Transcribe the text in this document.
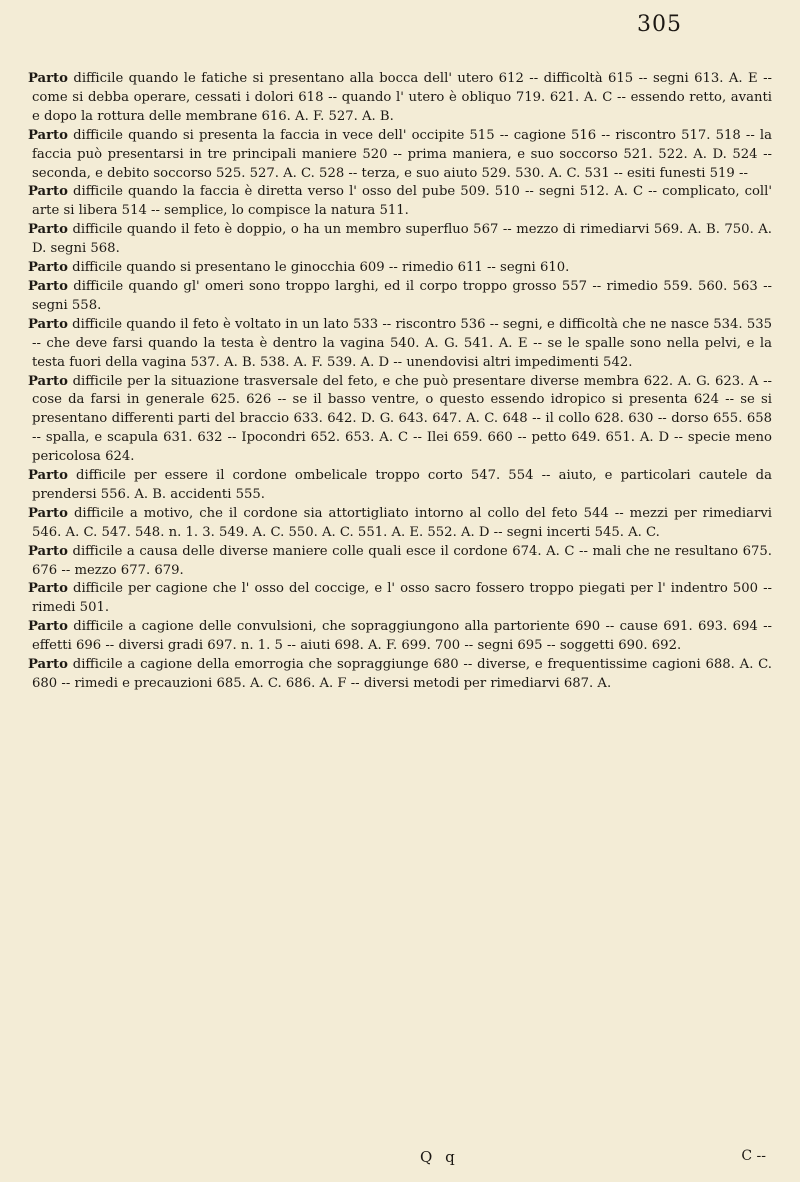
305

Parto difficile quando le fatiche si presentano alla bocca dell' utero 612 -- difficoltà 615 -- segni 613. A. E -- come si debba operare, cessati i dolori 618 -- quando l' utero è obliquo 719. 621. A. C -- essendo retto, avanti e dopo la rottura delle membrane 616. A. F. 527. A. B.

Parto difficile quando si presenta la faccia in vece dell' occipite 515 -- cagione 516 -- riscontro 517. 518 -- la faccia può presentarsi in tre principali maniere 520 -- prima maniera, e suo soccorso 521. 522. A. D. 524 -- seconda, e debito soccorso 525. 527. A. C. 528 -- terza, e suo aiuto 529. 530. A. C. 531 -- esiti funesti 519 --

Parto difficile quando la faccia è diretta verso l' osso del pube 509. 510 -- segni 512. A. C -- complicato, coll' arte si libera 514 -- semplice, lo compisce la natura 511.

Parto difficile quando il feto è doppio, o ha un membro superfluo 567 -- mezzo di rimediarvi 569. A. B. 750. A. D. segni 568.

Parto difficile quando si presentano le ginocchia 609 -- rimedio 611 -- segni 610.

Parto difficile quando gl' omeri sono troppo larghi, ed il corpo troppo grosso 557 -- rimedio 559. 560. 563 -- segni 558.

Parto difficile quando il feto è voltato in un lato 533 -- riscontro 536 -- segni, e difficoltà che ne nasce 534. 535 -- che deve farsi quando la testa è dentro la vagina 540. A. G. 541. A. E -- se le spalle sono nella pelvi, e la testa fuori della vagina 537. A. B. 538. A. F. 539. A. D -- unendovisi altri impedimenti 542.

Parto difficile per la situazione trasversale del feto, e che può presentare diverse membra 622. A. G. 623. A -- cose da farsi in generale 625. 626 -- se il basso ventre, o questo essendo idropico si presenta 624 -- se si presentano differenti parti del braccio 633. 642. D. G. 643. 647. A. C. 648 -- il collo 628. 630 -- dorso 655. 658 -- spalla, e scapula 631. 632 -- Ipocondri 652. 653. A. C -- Ilei 659. 660 -- petto 649. 651. A. D -- specie meno pericolosa 624.

Parto difficile per essere il cordone ombelicale troppo corto 547. 554 -- aiuto, e particolari cautele da prendersi 556. A. B. accidenti 555.

Parto difficile a motivo, che il cordone sia attortigliato intorno al collo del feto 544 -- mezzi per rimediarvi 546. A. C. 547. 548. n. 1. 3. 549. A. C. 550. A. C. 551. A. E. 552. A. D -- segni incerti 545. A. C.

Parto difficile a causa delle diverse maniere colle quali esce il cordone 674. A. C -- mali che ne resultano 675. 676 -- mezzo 677. 679.

Parto difficile per cagione che l' osso del coccige, e l' osso sacro fossero troppo piegati per l' indentro 500 -- rimedi 501.

Parto difficile a cagione delle convulsioni, che sopraggiungono alla partoriente 690 -- cause 691. 693. 694 -- effetti 696 -- diversi gradi 697. n. 1. 5 -- aiuti 698. A. F. 699. 700 -- segni 695 -- soggetti 690. 692.

Parto difficile a cagione della emorrogia che sopraggiunge 680 -- diverse, e frequentissime cagioni 688. A. C. 680 -- rimedi e precauzioni 685. A. C. 686. A. F -- diversi metodi per rimediarvi 687. A.

Q q	C --
